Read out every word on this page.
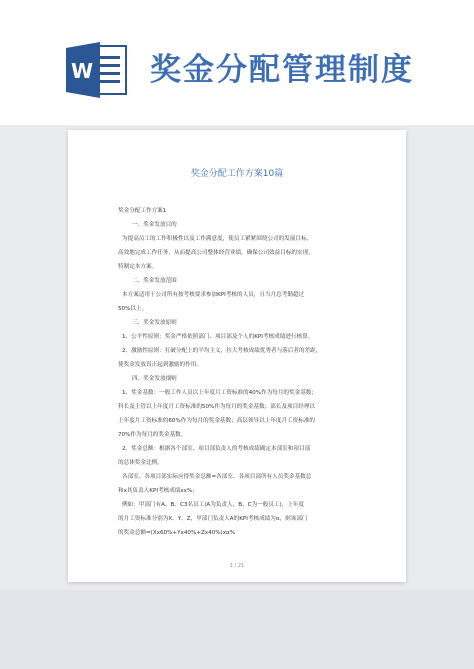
W 奖金分配管理制度
奖金分配工作方案10篇

奖金分配工作方案1

一、奖金发放目的

为提高员工的工作积极性以及工作满意度，使员工紧紧围绕公司的发展目标，

高效地完成工作任务，从而提高公司整体经营业绩，确保公司效益目标的实现，

特制定本方案。

二、奖金发放范围

本方案适用于公司所有按考核要求参加KPI考核的人员，且当月总考勤超过

50%以上。

三、奖金发放原则

1、公平性原则：奖金严格依照部门、项目部及个人的KPI考核成绩进行核算。

2、激励性原则：打破分配上的平均主义，拉大考核成绩优秀者与落后者的差距，

使奖金发放真正起到激励的作用。

四、奖金发放细则

1、奖金基数：一般工作人员以上年度月工资标准的40%作为每月的奖金基数；

科长及主管以上年度月工资标准的50%作为每月的奖金基数；部长及项目经理以

上年度月工资标准的60%作为每月的奖金基数；高层领导以上年度月工资标准的

70%作为每月的奖金基数。

2、奖金总额：根据各个部室、项目部负责人的考核成绩确定本部室和项目部

的总体奖金比例。

各部室、各项目部实际应得奖金总额=各部室、各项目部所有人员奖金基数总

和x其负责人KPI考核成绩xx%；

例如：甲部门有A、B、C3名员工(A为负责人，B、C为一般员工)，上年度

的月工资标准分别为X、Y、Z，甲部门负责人A的KPI考核成绩为α，则该部门

的奖金总额=(Xx60%+Yx40%+Zx40%)xα%

1 / 21
